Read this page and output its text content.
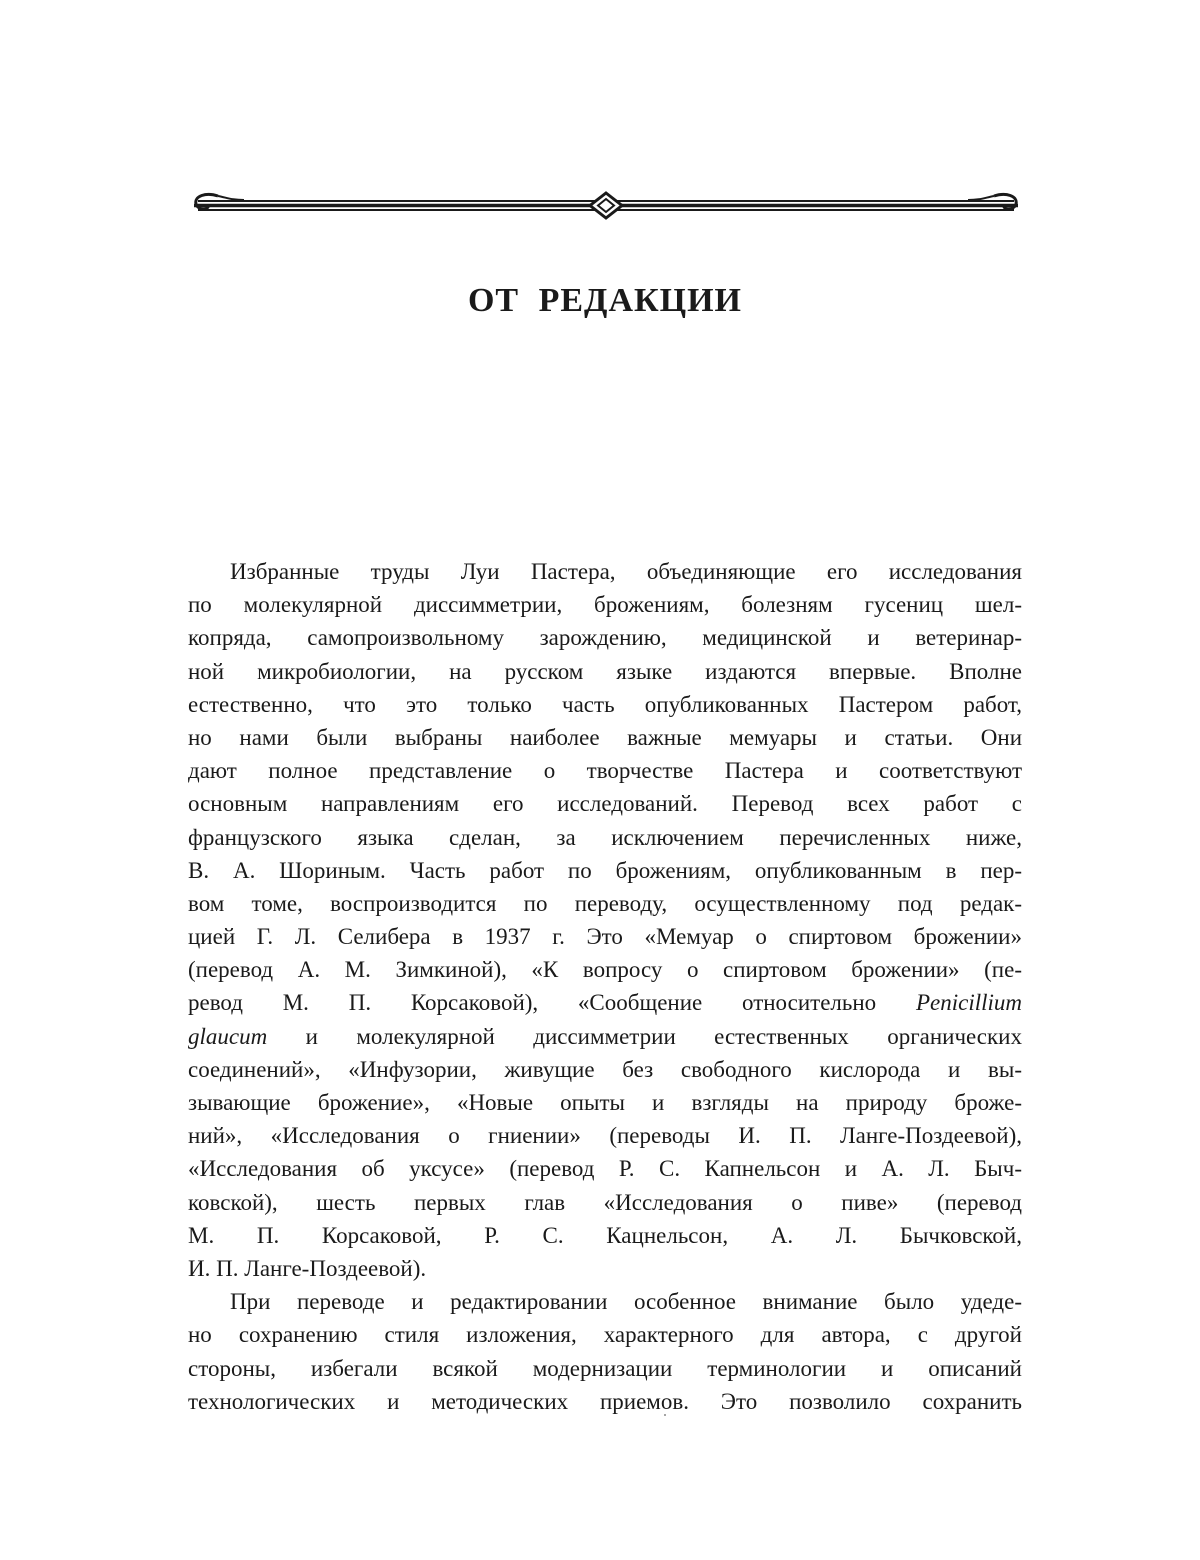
ОТ РЕДАКЦИИ
Избранные труды Луи Пастера, объединяющие его исследования
по молекулярной диссимметрии, брожениям, болезням гусениц шел-
копряда, самопроизвольному зарождению, медицинской и ветеринар-
ной микробиологии, на русском языке издаются впервые. Вполне
естественно, что это только часть опубликованных Пастером работ,
но нами были выбраны наиболее важные мемуары и статьи. Они
дают полное представление о творчестве Пастера и соответствуют
основным направлениям его исследований. Перевод всех работ с
французского языка сделан, за исключением перечисленных ниже,
В. А. Шориным. Часть работ по брожениям, опубликованным в пер-
вом томе, воспроизводится по переводу, осуществленному под редак-
цией Г. Л. Селибера в 1937 г. Это «Мемуар о спиртовом брожении»
(перевод А. М. Зимкиной), «К вопросу о спиртовом брожении» (пе-
ревод М. П. Корсаковой), «Сообщение относительно Penicillium
glaucum и молекулярной диссимметрии естественных органических
соединений», «Инфузории, живущие без свободного кислорода и вы-
зывающие брожение», «Новые опыты и взгляды на природу броже-
ний», «Исследования о гниении» (переводы И. П. Ланге-Поздеевой),
«Исследования об уксусе» (перевод Р. С. Капнельсон и А. Л. Быч-
ковской), шесть первых глав «Исследования о пиве» (перевод
М. П. Корсаковой, Р. С. Кацнельсон, А. Л. Бычковской,
И. П. Ланге-Поздеевой).
При переводе и редактировании особенное внимание было удеде-
но сохранению стиля изложения, характерного для автора, с другой
стороны, избегали всякой модернизации терминологии и описаний
технологических и методических приемов. Это позволило сохранить
